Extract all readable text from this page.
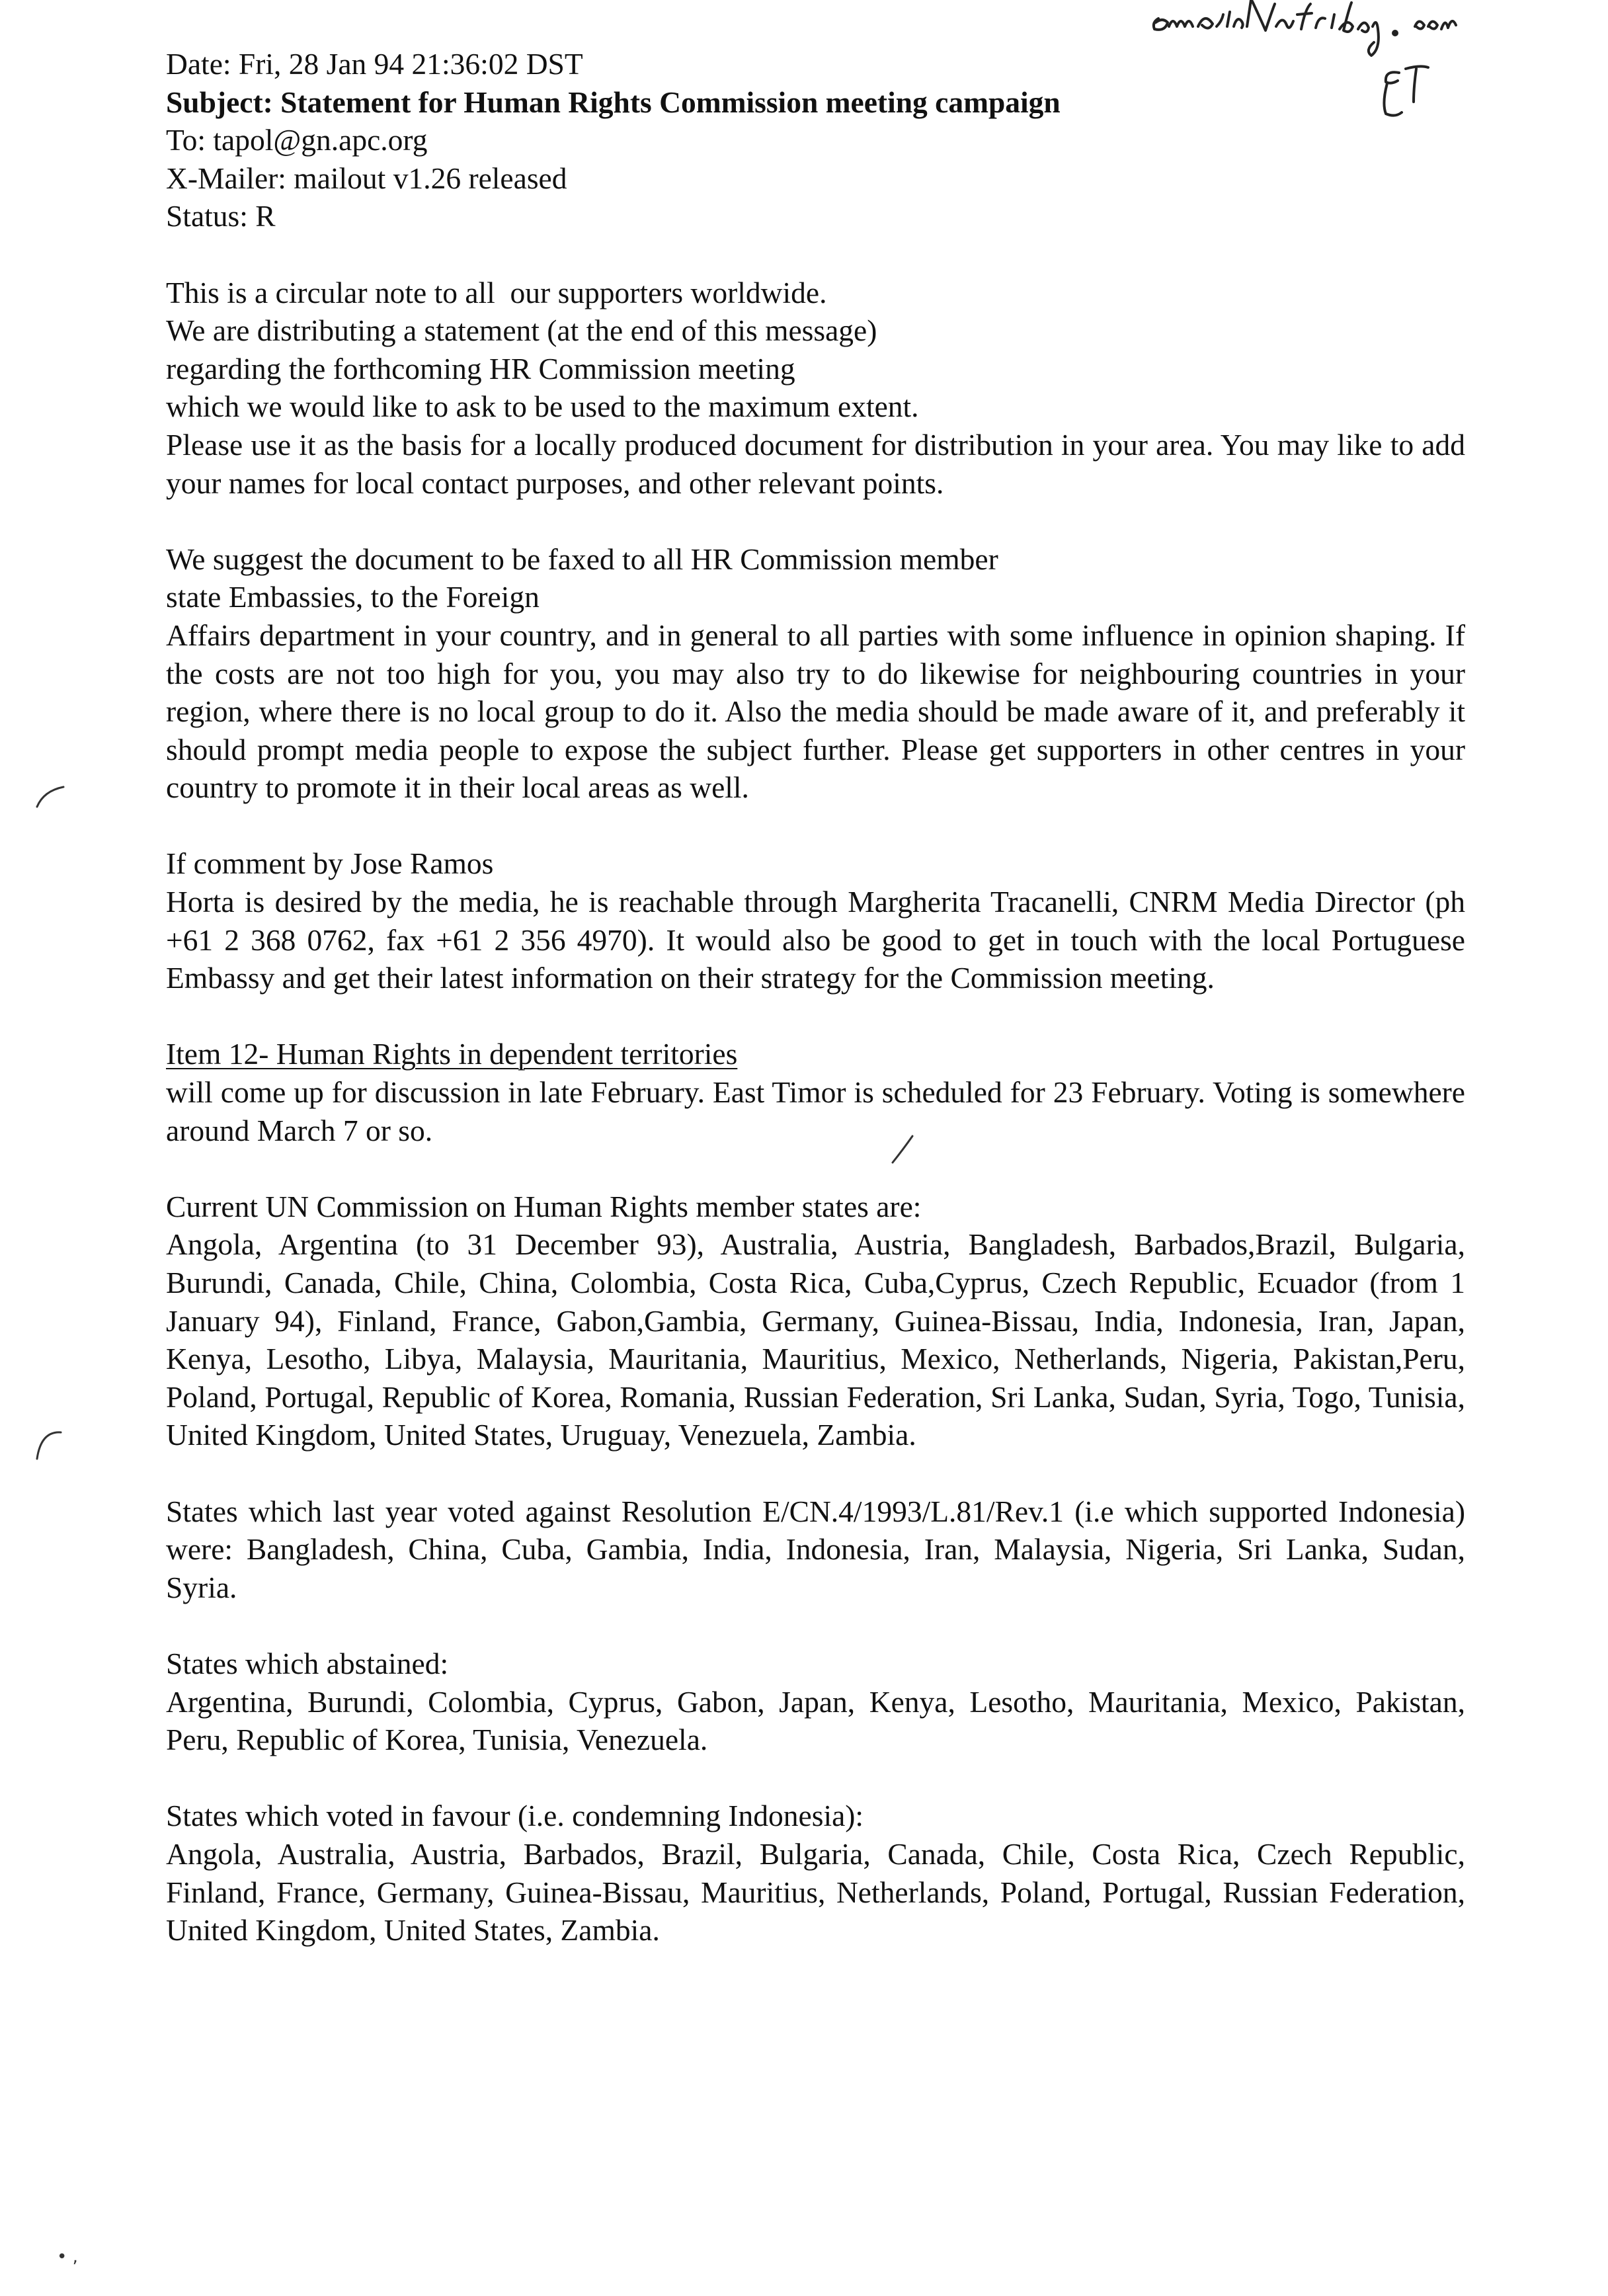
• ,
Date: Fri, 28 Jan 94 21:36:02 DST
Subject: Statement for Human Rights Commission meeting campaign
To: tapol@gn.apc.org
X-Mailer: mailout v1.26 released
Status: R
This is a circular note to all  our supporters worldwide.
We are distributing a statement (at the end of this message)
regarding the forthcoming HR Commission meeting
which we would like to ask to be used to the maximum extent.
Please use it as the basis for a locally produced document for distribution in your area. You may like to add your names for local contact purposes, and other relevant points.
We suggest the document to be faxed to all HR Commission member
state Embassies, to the Foreign
Affairs department in your country, and in general to all parties with some influence in opinion shaping. If the costs are not too high for you, you may also try to do likewise for neighbouring countries in your region, where there is no local group to do it. Also the media should be made aware of it, and preferably it should prompt media people to expose the subject further. Please get supporters in other centres in your country to promote it in their local areas as well.
If comment by Jose Ramos
Horta is desired by the media, he is reachable through Margherita Tracanelli, CNRM Media Director (ph +61 2 368 0762, fax +61 2 356 4970). It would also be good to get in touch with the local Portuguese Embassy and get their latest information on their strategy for the Commission meeting.
Item 12- Human Rights in dependent territories
will come up for discussion in late February. East Timor is scheduled for 23 February. Voting is somewhere around March 7 or so.
Current UN Commission on Human Rights member states are:
Angola, Argentina (to 31 December 93), Australia, Austria, Bangladesh, Barbados,Brazil, Bulgaria, Burundi, Canada, Chile, China, Colombia, Costa Rica, Cuba,Cyprus, Czech Republic, Ecuador (from 1 January 94), Finland, France, Gabon,Gambia, Germany, Guinea-Bissau, India, Indonesia, Iran, Japan, Kenya, Lesotho, Libya, Malaysia, Mauritania, Mauritius, Mexico, Netherlands, Nigeria, Pakistan,Peru, Poland, Portugal, Republic of Korea, Romania, Russian Federation, Sri Lanka, Sudan, Syria, Togo, Tunisia, United Kingdom, United States, Uruguay, Venezuela, Zambia.
States which last year voted against Resolution E/CN.4/1993/L.81/Rev.1 (i.e which supported Indonesia) were: Bangladesh, China, Cuba, Gambia, India, Indonesia, Iran, Malaysia, Nigeria, Sri Lanka, Sudan, Syria.
States which abstained:
Argentina, Burundi, Colombia, Cyprus, Gabon, Japan, Kenya, Lesotho, Mauritania, Mexico, Pakistan, Peru, Republic of Korea, Tunisia, Venezuela.
States which voted in favour (i.e. condemning Indonesia):
Angola, Australia, Austria, Barbados, Brazil, Bulgaria, Canada, Chile, Costa Rica, Czech Republic, Finland, France, Germany, Guinea-Bissau, Mauritius, Netherlands, Poland, Portugal, Russian Federation, United Kingdom, United States, Zambia.
